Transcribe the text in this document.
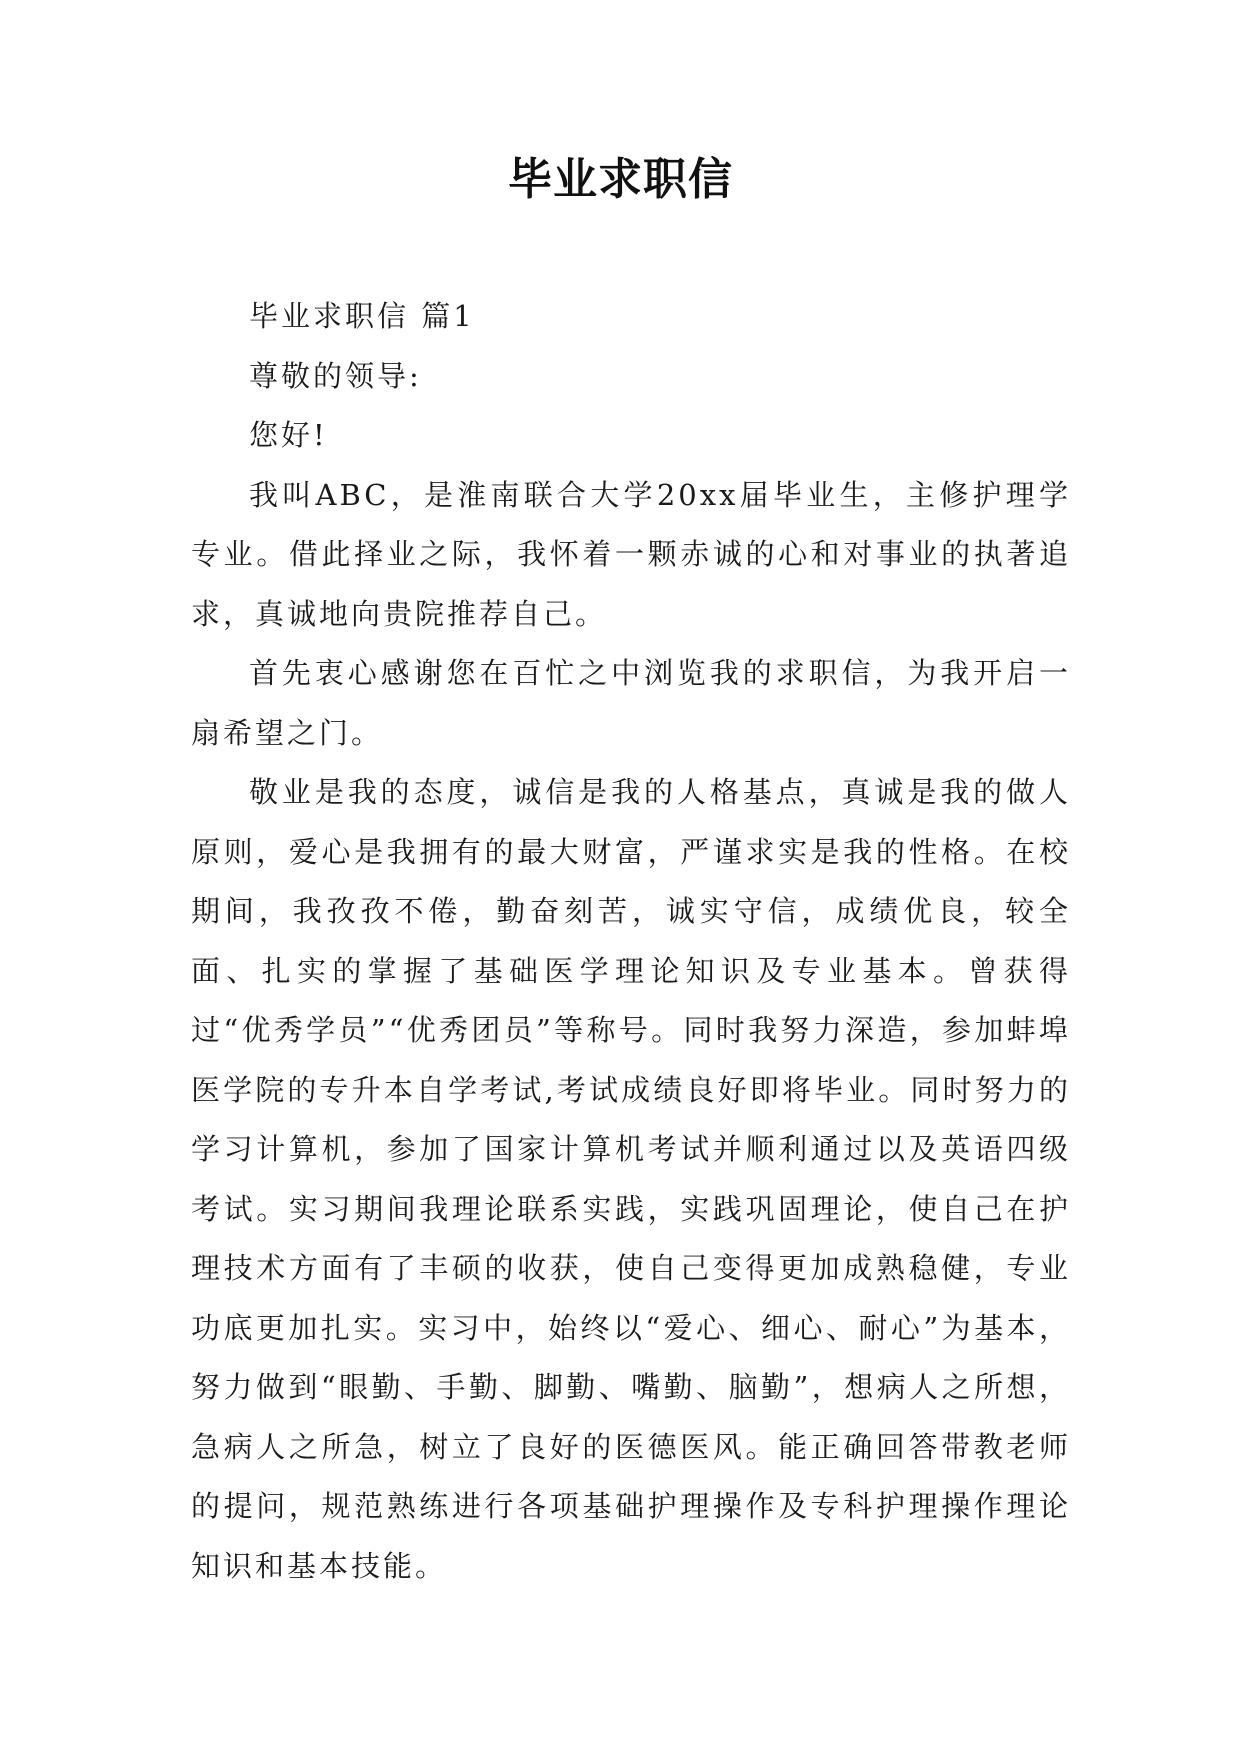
毕业求职信

毕业求职信 篇1

尊敬的领导:

您好!

我叫ABC，是淮南联合大学20xx届毕业生，主修护理学专业。借此择业之际，我怀着一颗赤诚的心和对事业的执著追求，真诚地向贵院推荐自己。

首先衷心感谢您在百忙之中浏览我的求职信，为我开启一扇希望之门。

敬业是我的态度，诚信是我的人格基点，真诚是我的做人原则，爱心是我拥有的最大财富，严谨求实是我的性格。在校期间，我孜孜不倦，勤奋刻苦，诚实守信，成绩优良，较全面、扎实的掌握了基础医学理论知识及专业基本。曾获得过“优秀学员”“优秀团员”等称号。同时我努力深造，参加蚌埠医学院的专升本自学考试,考试成绩良好即将毕业。同时努力的学习计算机，参加了国家计算机考试并顺利通过以及英语四级考试。实习期间我理论联系实践，实践巩固理论，使自己在护理技术方面有了丰硕的收获，使自己变得更加成熟稳健，专业功底更加扎实。实习中，始终以“爱心、细心、耐心”为基本，努力做到“眼勤、手勤、脚勤、嘴勤、脑勤”，想病人之所想，急病人之所急，树立了良好的医德医风。能正确回答带教老师的提问，规范熟练进行各项基础护理操作及专科护理操作理论知识和基本技能。
